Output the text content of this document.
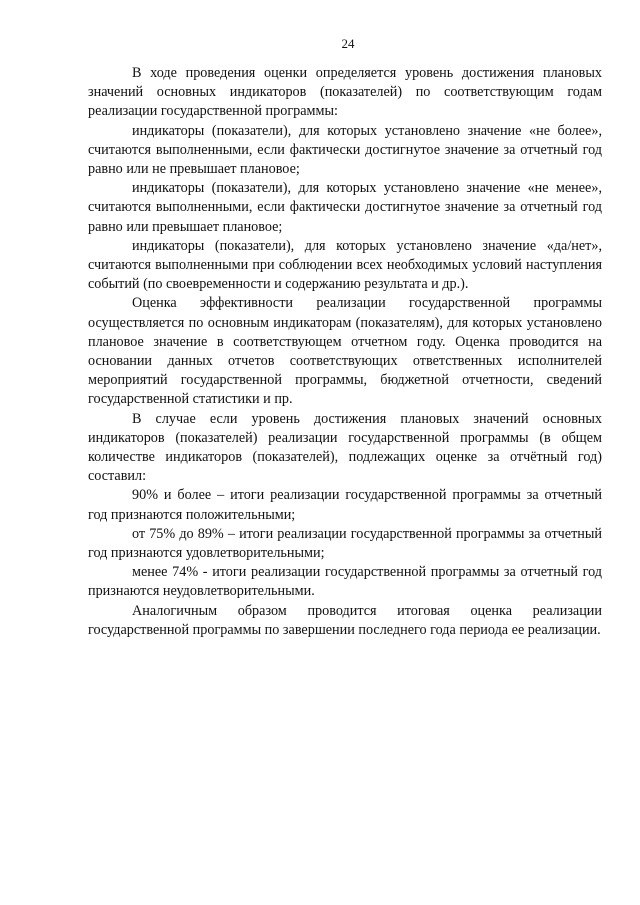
24

В ходе проведения оценки определяется уровень достижения плановых значений основных индикаторов (показателей) по соответствующим годам реализации государственной программы:

индикаторы (показатели), для которых установлено значение «не более», считаются выполненными, если фактически достигнутое значение за отчетный год равно или не превышает плановое;

индикаторы (показатели), для которых установлено значение «не менее», считаются выполненными, если фактически достигнутое значение за отчетный год равно или превышает плановое;

индикаторы (показатели), для которых установлено значение «да/нет», считаются выполненными при соблюдении всех необходимых условий наступления событий (по своевременности и содержанию результата и др.).

Оценка эффективности реализации государственной программы осуществляется по основным индикаторам (показателям), для которых установлено плановое значение в соответствующем отчетном году. Оценка проводится на основании данных отчетов соответствующих ответственных исполнителей мероприятий государственной программы, бюджетной отчетности, сведений государственной статистики и пр.

В случае если уровень достижения плановых значений основных индикаторов (показателей) реализации государственной программы (в общем количестве индикаторов (показателей), подлежащих оценке за отчётный год) составил:

90% и более – итоги реализации государственной программы за отчетный год признаются положительными;

от 75% до 89% – итоги реализации государственной программы за отчетный год признаются удовлетворительными;

менее 74% - итоги реализации государственной программы за отчетный год признаются неудовлетворительными.

Аналогичным образом проводится итоговая оценка реализации государственной программы по завершении последнего года периода ее реализации.
